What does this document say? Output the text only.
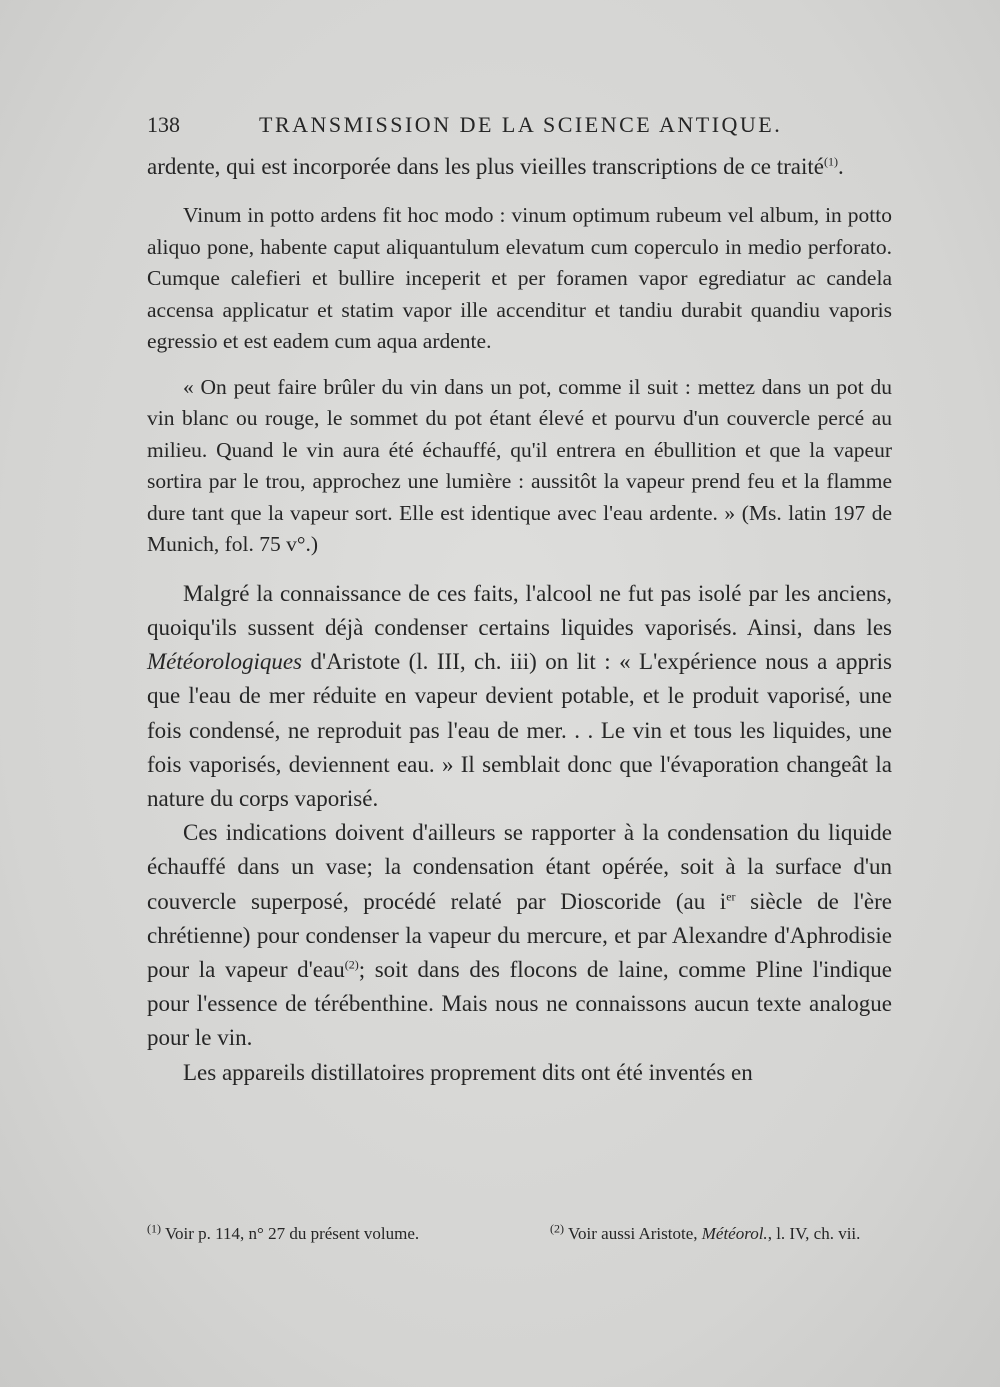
138	TRANSMISSION DE LA SCIENCE ANTIQUE.

ardente, qui est incorporée dans les plus vieilles transcriptions de ce traité$^{(1)}$.

Vinum in potto ardens fit hoc modo : vinum optimum rubeum vel album, in potto aliquo pone, habente caput aliquantulum elevatum cum coperculo in medio perforato. Cumque calefieri et bullire inceperit et per foramen vapor egrediatur ac candela accensa applicatur et statim vapor ille accenditur et tandiu durabit quandiu vaporis egressio et est eadem cum aqua ardente.

« On peut faire brûler du vin dans un pot, comme il suit : mettez dans un pot du vin blanc ou rouge, le sommet du pot étant élevé et pourvu d'un couvercle percé au milieu. Quand le vin aura été échauffé, qu'il entrera en ébullition et que la vapeur sortira par le trou, approchez une lumière : aussitôt la vapeur prend feu et la flamme dure tant que la vapeur sort. Elle est identique avec l'eau ardente. » (Ms. latin 197 de Munich, fol. 75 v°.)

Malgré la connaissance de ces faits, l'alcool ne fut pas isolé par les anciens, quoiqu'ils sussent déjà condenser certains liquides vaporisés. Ainsi, dans les Météorologiques d'Aristote (l. III, ch. iii) on lit : « L'expérience nous a appris que l'eau de mer réduite en vapeur devient potable, et le produit vaporisé, une fois condensé, ne reproduit pas l'eau de mer. . . Le vin et tous les liquides, une fois vaporisés, deviennent eau. » Il semblait donc que l'évaporation changeât la nature du corps vaporisé.

Ces indications doivent d'ailleurs se rapporter à la condensation du liquide échauffé dans un vase; la condensation étant opérée, soit à la surface d'un couvercle superposé, procédé relaté par Dioscoride (au $i^{er}$ siècle de l'ère chrétienne) pour condenser la vapeur du mercure, et par Alexandre d'Aphrodisie pour la vapeur d'eau$^{(2)}$; soit dans des flocons de laine, comme Pline l'indique pour l'essence de térébenthine. Mais nous ne connaissons aucun texte analogue pour le vin.

Les appareils distillatoires proprement dits ont été inventés en

$^{(1)}$ Voir p. 114, n° 27 du présent volume.	$^{(2)}$ Voir aussi Aristote, Météorol., l. IV, ch. vii.
